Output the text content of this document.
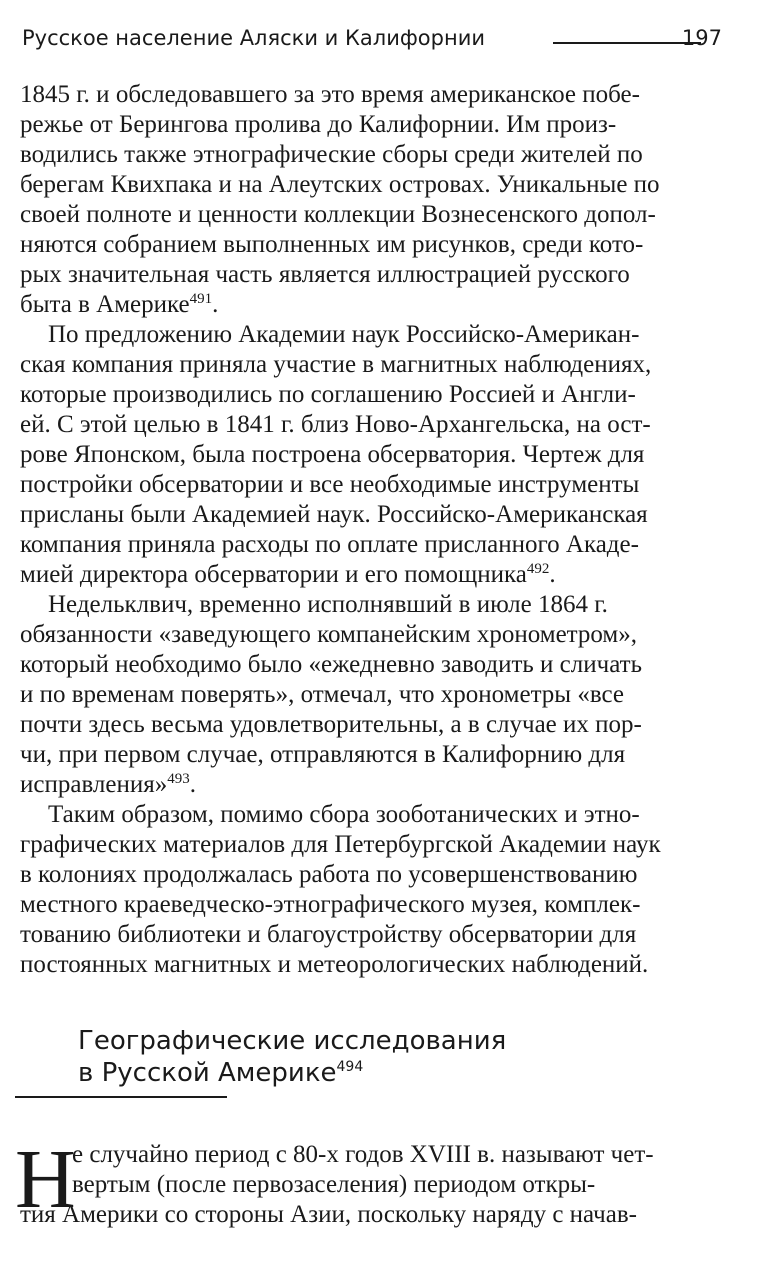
Русское население Аляски и Калифорнии	197
1845 г. и обследовавшего за это время американское побе-
режье от Берингова пролива до Калифорнии. Им произ-
водились также этнографические сборы среди жителей по
берегам Квихпака и на Алеутских островах. Уникальные по
своей полноте и ценности коллекции Вознесенского допол-
няются собранием выполненных им рисунков, среди кото-
рых значительная часть является иллюстрацией русского
быта в Америке$^{491}$.
По предложению Академии наук Российско-Американ-
ская компания приняла участие в магнитных наблюдениях,
которые производились по соглашению Россией и Англи-
ей. С этой целью в 1841 г. близ Ново-Архангельска, на ост-
рове Японском, была построена обсерватория. Чертеж для
постройки обсерватории и все необходимые инструменты
присланы были Академией наук. Российско-Американская
компания приняла расходы по оплате присланного Акаде-
мией директора обсерватории и его помощника$^{492}$.
Недельклвич, временно исполнявший в июле 1864 г.
обязанности «заведующего компанейским хронометром»,
который необходимо было «ежедневно заводить и сличать
и по временам поверять», отмечал, что хронометры «все
почти здесь весьма удовлетворительны, а в случае их пор-
чи, при первом случае, отправляются в Калифорнию для
исправления»$^{493}$.
Таким образом, помимо сбора зооботанических и этно-
графических материалов для Петербургской Академии наук
в колониях продолжалась работа по усовершенствованию
местного краеведческо-этнографического музея, комплек-
тованию библиотеки и благоустройству обсерватории для
постоянных магнитных и метеорологических наблюдений.
Географические исследования
в Русской Америке$^{494}$
Н
е случайно период с 80-х годов XVIII в. называют чет-
вертым (после первозаселения) периодом откры-
тия Америки со стороны Азии, поскольку наряду с начав-
